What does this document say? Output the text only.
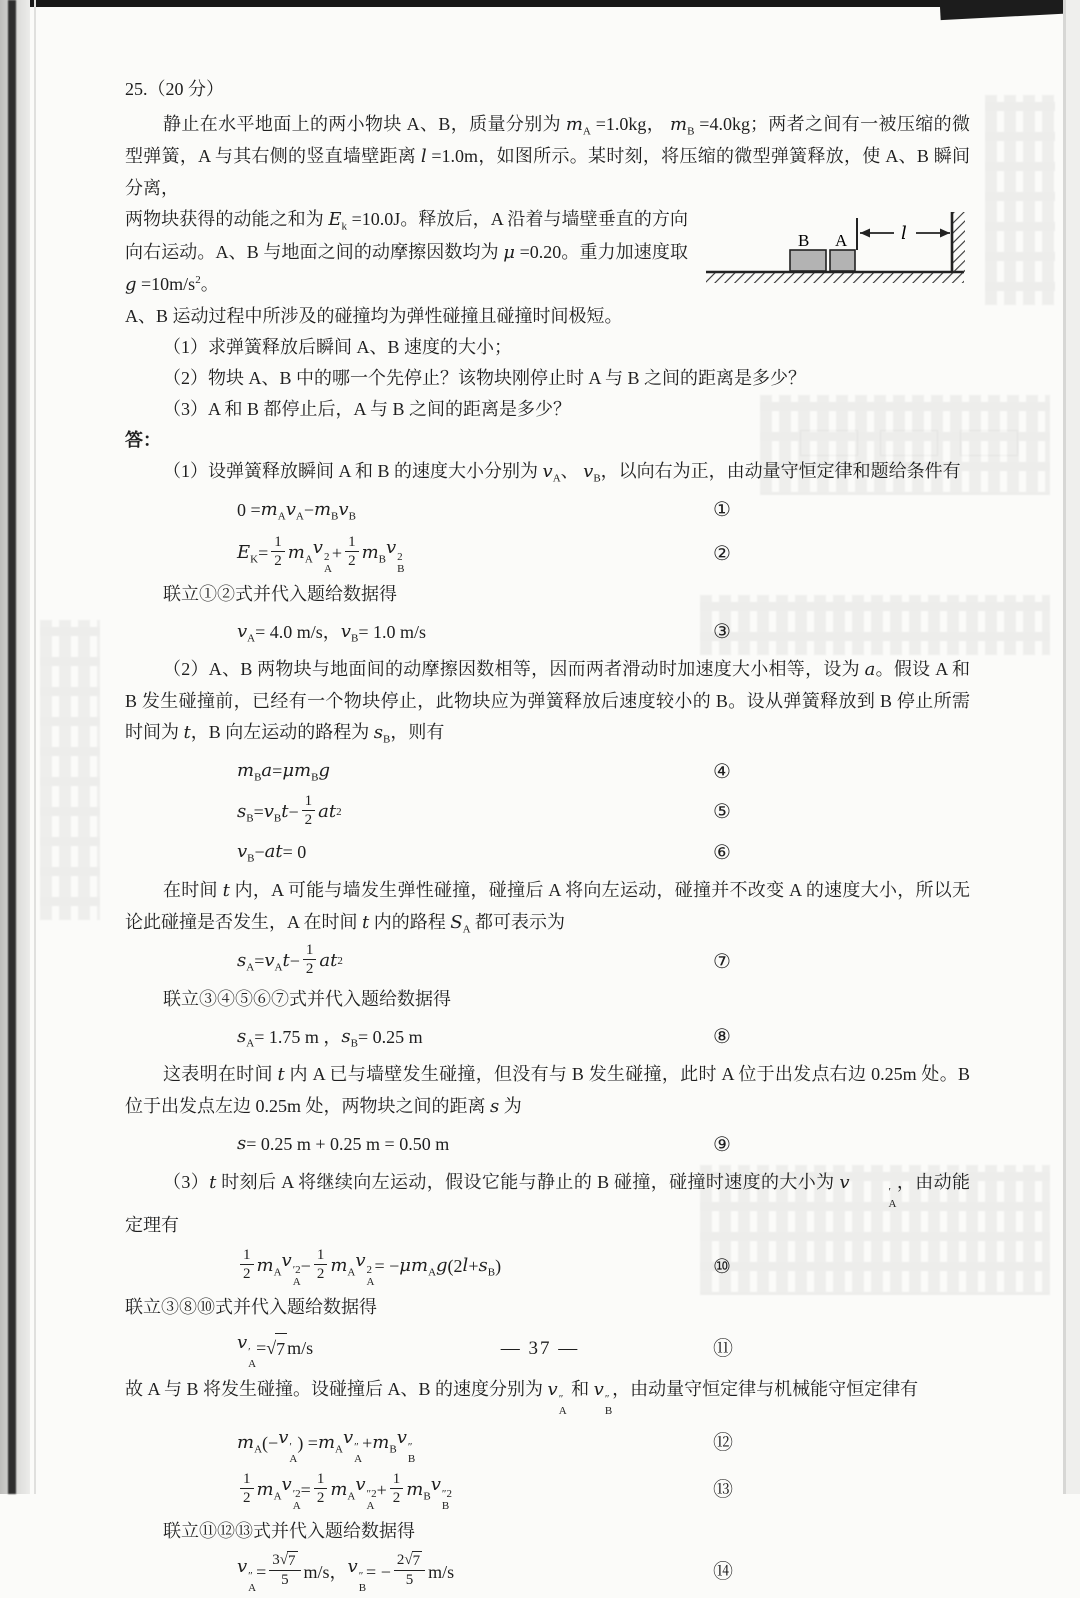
25.（20 分）

静止在水平地面上的两小物块 A、B，质量分别为 $m_A =1.0kg$， $m_B =4.0kg$；两者之间有一被压缩的微型弹簧，A 与其右侧的竖直墙壁距离 l =1.0m，如图所示。某时刻，将压缩的微型弹簧释放，使 A、B 瞬间分离，

B A	l
两物块获得的动能之和为 $E_k =10.0J$。释放后，A 沿着与墙壁垂直的方向向右运动。A、B 与地面之间的动摩擦因数均为 μ =0.20。重力加速度取 $g =10m/s^2$。

A、B 运动过程中所涉及的碰撞均为弹性碰撞且碰撞时间极短。

（1）求弹簧释放后瞬间 A、B 速度的大小；

（2）物块 A、B 中的哪一个先停止？该物块刚停止时 A 与 B 之间的距离是多少？

（3）A 和 B 都停止后，A 与 B 之间的距离是多少？

答：

（1）设弹簧释放瞬间 A 和 B 的速度大小分别为 $v_A$、 $v_B$，以向右为正，由动量守恒定律和题给条件有

$0 = m_A$ $v_A - m_B$ $v_B$	①
$E_K = \frac{1}{2} m_A$
v 2
A
+ $\frac{1}{2} m_B$
v 2
B
②

联立①②式并代入题给数据得

$v_A = 4.0$ m/s， $v_B = 1.0$ m/s	③

（2）A、B 两物块与地面间的动摩擦因数相等，因而两者滑动时加速度大小相等，设为 a。假设 A 和 B 发生碰撞前，已经有一个物块停止，此物块应为弹簧释放后速度较小的 B。设从弹簧释放到 B 停止所需时间为 t，B 向左运动的路程为 $s_B$，则有

$m_B$ a = μ $m_B$ g	④
$s_B = v_B$ $t - \frac{1}{2}$ a t 2	⑤
$v_B - a$ t = 0	⑥

在时间 t 内，A 可能与墙发生弹性碰撞，碰撞后 A 将向左运动，碰撞并不改变 A 的速度大小，所以无论此碰撞是否发生，A 在时间 t 内的路程 $S_A$ 都可表示为

$s_A = v_A$ $t - \frac{1}{2}$ a t 2	⑦

联立③④⑤⑥⑦式并代入题给数据得

$s_A = 1.75$ m ， $s_B = 0.25$ m	⑧

这表明在时间 t 内 A 已与墙壁发生碰撞，但没有与 B 发生碰撞，此时 A 位于出发点右边 0.25m 处。B 位于出发点左边 0.25m 处，两物块之间的距离 s 为

s = 0.25 m + 0.25 m = 0.50 m	⑨

（3）t 时刻后 A 将继续向左运动，假设它能与静止的 B 碰撞，碰撞时速度的大小为 v	′
A
，由动能定理有

$\frac{1}{2} m_A$
v ′2
A
− $\frac{1}{2} m_A$
v 2
A
= − μ $m_A$ g (2 $l + s_B$ )	⑩

联立③⑧⑩式并代入题给数据得

v ′
A
= √ 7 m/s	⑪

故 A 与 B 将发生碰撞。设碰撞后 A、B 的速度分别为 v ″
A
和 v ″
B
，由动量守恒定律与机械能守恒定律有

$m_A$ (− v ′
A
) = $m_A$
v ″
A
+ $m_B$
v ″
B
⑫
$\frac{1}{2} m_A$
v ′2
A
= $\frac{1}{2} m_A$
v ″2
A
+ $\frac{1}{2} m_B$
v ″2
B
⑬

联立⑪⑫⑬式并代入题给数据得

v ″
A
= $\frac{3 √ 7}{5} m/s$， v ″
B
= − $\frac{2 √ 7}{5} m/s$	⑭
— 37 —
